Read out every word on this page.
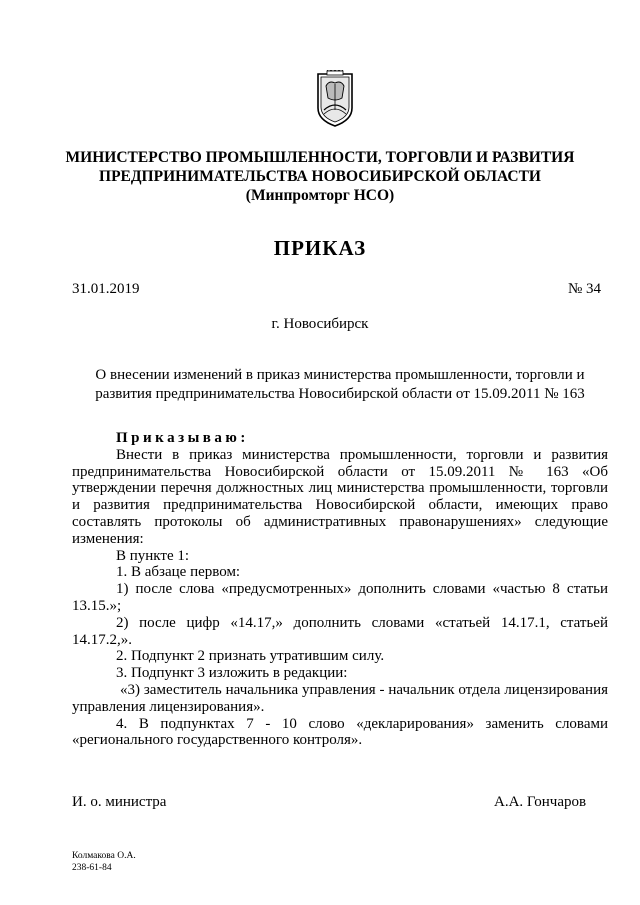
МИНИСТЕРСТВО ПРОМЫШЛЕННОСТИ, ТОРГОВЛИ И РАЗВИТИЯ
ПРЕДПРИНИМАТЕЛЬСТВА НОВОСИБИРСКОЙ ОБЛАСТИ
(Минпромторг НСО)
ПРИКАЗ
31.01.2019	№ 34
г. Новосибирск
О внесении изменений в приказ министерства промышленности, торговли и развития предпринимательства Новосибирской области от 15.09.2011 № 163

Приказываю:

Внести в приказ министерства промышленности, торговли и развития предпринимательства Новосибирской области от 15.09.2011 № 163 «Об утверждении перечня должностных лиц министерства промышленности, торговли и развития предпринимательства Новосибирской области, имеющих право составлять протоколы об административных правонарушениях» следующие изменения:

В пункте 1:

1. В абзаце первом:

1) после слова «предусмотренных» дополнить словами «частью 8 статьи 13.15.»;

2) после цифр «14.17,» дополнить словами «статьей 14.17.1, статьей 14.17.2,».

2. Подпункт 2 признать утратившим силу.

3. Подпункт 3 изложить в редакции:

«3) заместитель начальника управления - начальник отдела лицензирования управления лицензирования».

4. В подпунктах 7 - 10 слово «декларирования» заменить словами «регионального государственного контроля».

И. о. министра	А.А. Гончаров
Колмакова О.А.
238-61-84
